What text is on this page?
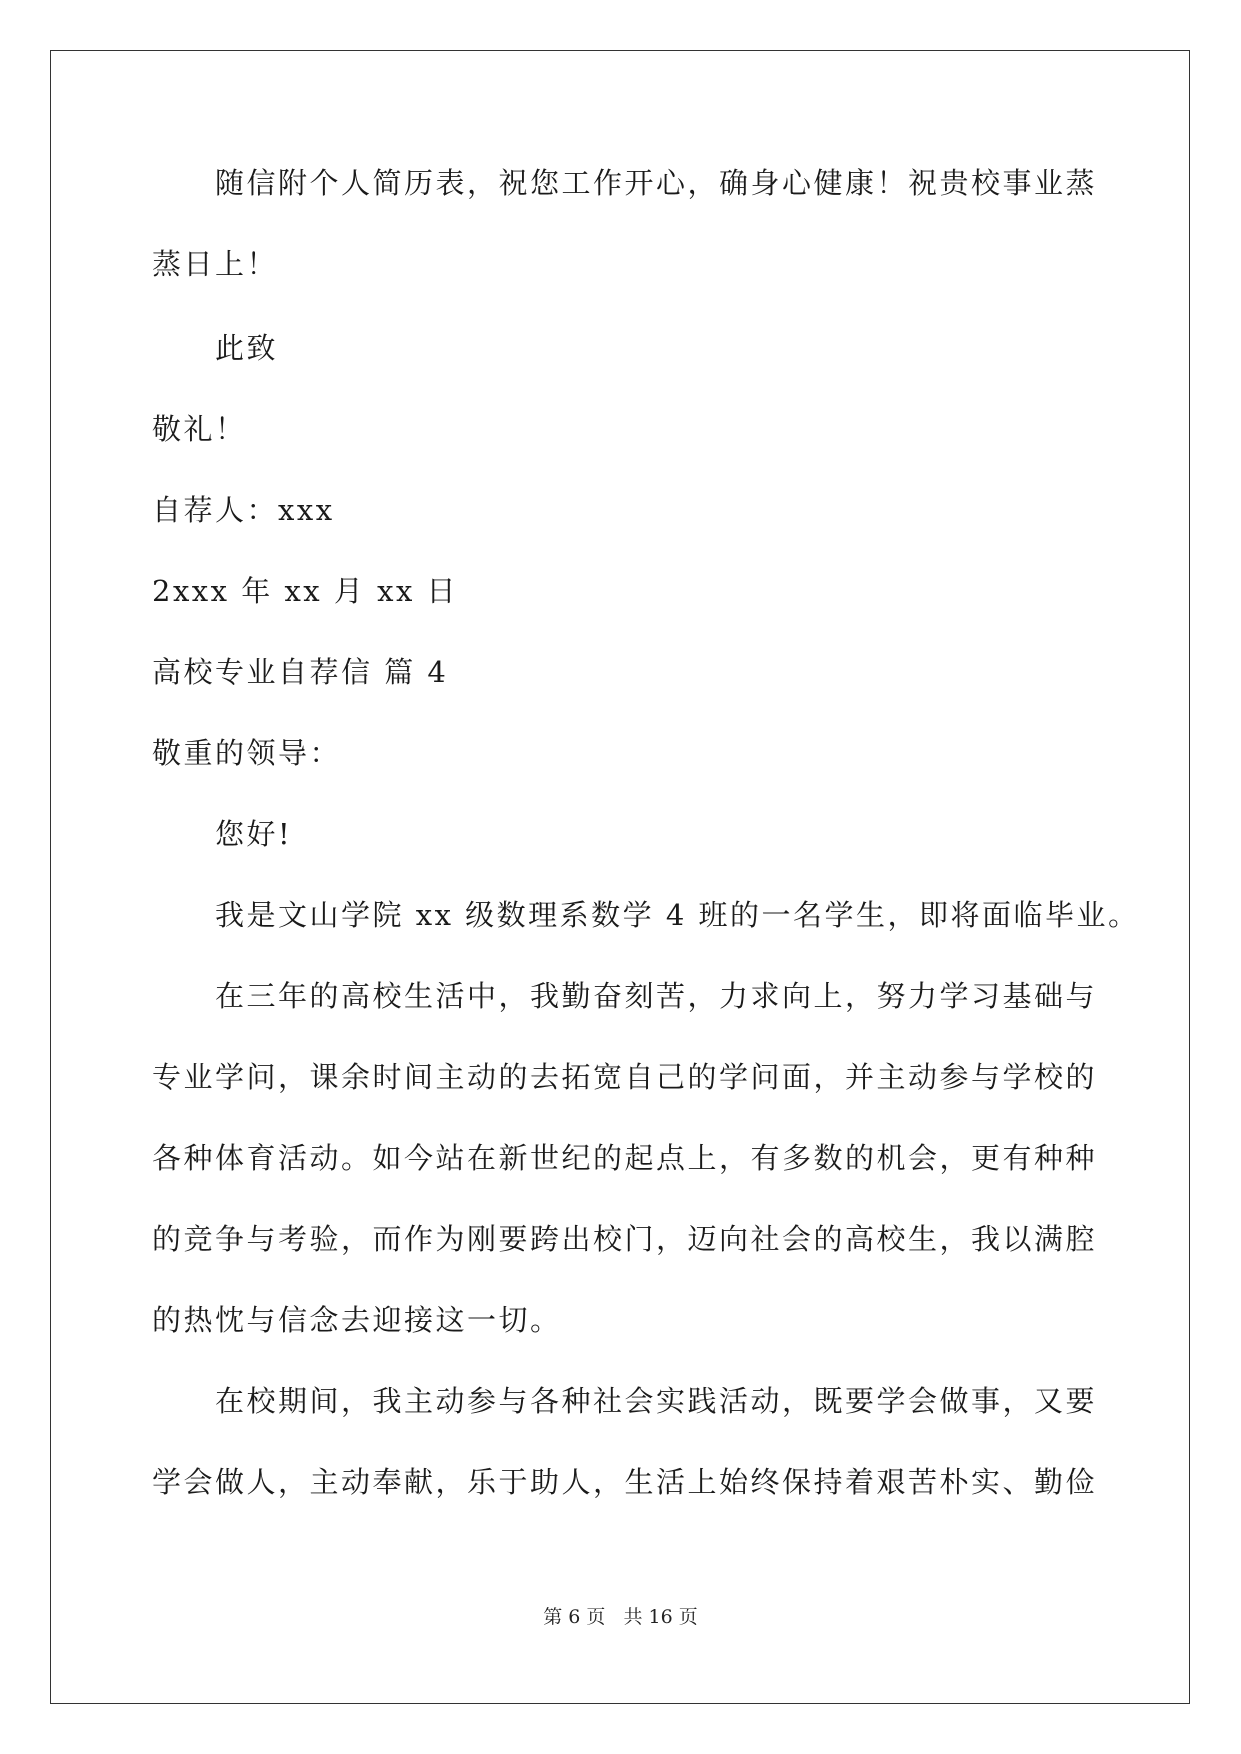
随信附个人简历表，祝您工作开心，确身心健康！祝贵校事业蒸
蒸日上！
此致
敬礼！
自荐人：xxx
2xxx 年 xx 月 xx 日
高校专业自荐信 篇 4
敬重的领导：
您好!
我是文山学院 xx 级数理系数学 4 班的一名学生，即将面临毕业。
在三年的高校生活中，我勤奋刻苦，力求向上，努力学习基础与
专业学问，课余时间主动的去拓宽自己的学问面，并主动参与学校的
各种体育活动。如今站在新世纪的起点上，有多数的机会，更有种种
的竞争与考验，而作为刚要跨出校门，迈向社会的高校生，我以满腔
的热忱与信念去迎接这一切。
在校期间，我主动参与各种社会实践活动，既要学会做事，又要
学会做人，主动奉献，乐于助人，生活上始终保持着艰苦朴实、勤俭
第 6 页 共 16 页
